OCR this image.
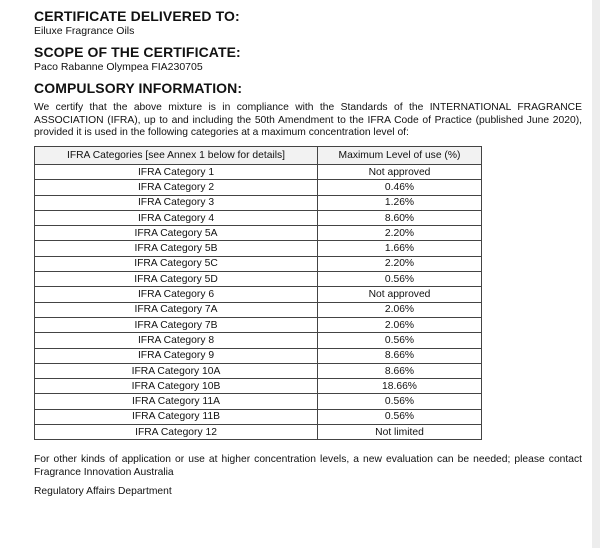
CERTIFICATE DELIVERED TO:
Eiluxe Fragrance Oils
SCOPE OF THE CERTIFICATE:
Paco Rabanne Olympea FIA230705
COMPULSORY INFORMATION:
We certify that the above mixture is in compliance with the Standards of the INTERNATIONAL FRAGRANCE ASSOCIATION (IFRA), up to and including the 50th Amendment to the IFRA Code of Practice (published June 2020), provided it is used in the following categories at a maximum concentration level of:
IFRA Categories [see Annex 1 below for details]	Maximum Level of use (%)
IFRA Category 1	Not approved
IFRA Category 2	0.46%
IFRA Category 3	1.26%
IFRA Category 4	8.60%
IFRA Category 5A	2.20%
IFRA Category 5B	1.66%
IFRA Category 5C	2.20%
IFRA Category 5D	0.56%
IFRA Category 6	Not approved
IFRA Category 7A	2.06%
IFRA Category 7B	2.06%
IFRA Category 8	0.56%
IFRA Category 9	8.66%
IFRA Category 10A	8.66%
IFRA Category 10B	18.66%
IFRA Category 11A	0.56%
IFRA Category 11B	0.56%
IFRA Category 12	Not limited
For other kinds of application or use at higher concentration levels, a new evaluation can be needed; please contact Fragrance Innovation Australia
Regulatory Affairs Department
